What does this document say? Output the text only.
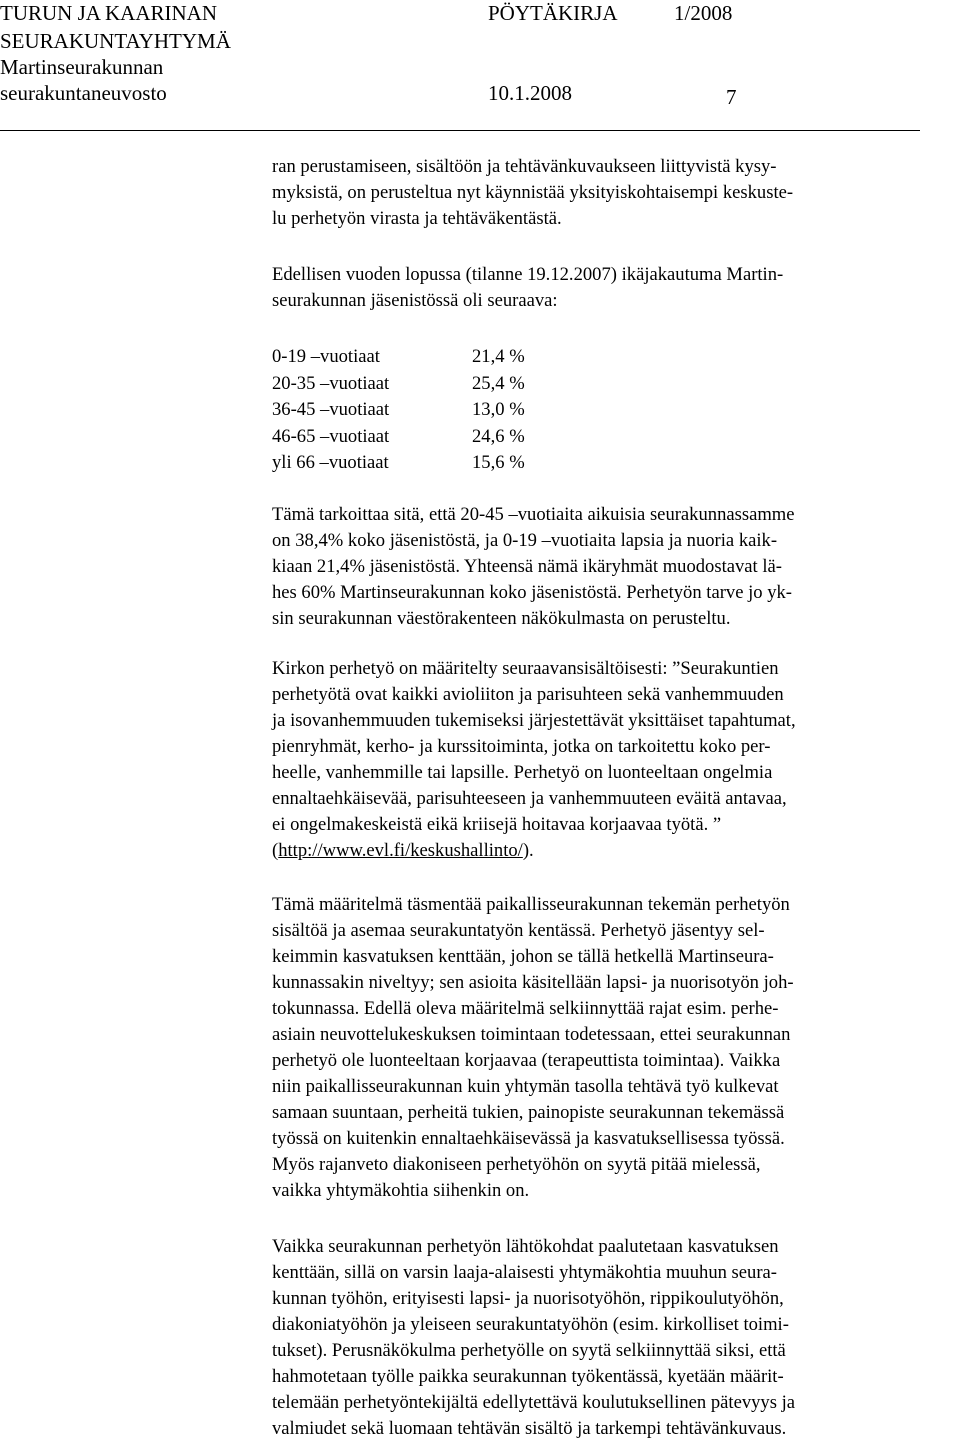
TURUN JA KAARINAN
SEURAKUNTAYHTYMÄ
Martinseurakunnan
seurakuntaneuvosto
PÖYTÄKIRJA	1/2008
10.1.2008	7
ran perustamiseen, sisältöön ja tehtävänkuvaukseen liittyvistä kysy-
myksistä, on perusteltua nyt käynnistää yksityiskohtaisempi keskuste-
lu perhetyön virasta ja tehtäväkentästä.
Edellisen vuoden lopussa (tilanne 19.12.2007) ikäjakautuma Martin-
seurakunnan jäsenistössä oli seuraava:
0-19 –vuotiaat	21,4 %
20-35 –vuotiaat	25,4 %
36-45 –vuotiaat	13,0 %
46-65 –vuotiaat	24,6 %
yli 66 –vuotiaat	15,6 %
Tämä tarkoittaa sitä, että 20-45 –vuotiaita aikuisia seurakunnassamme
on 38,4% koko jäsenistöstä, ja 0-19 –vuotiaita lapsia ja nuoria kaik-
kiaan 21,4% jäsenistöstä. Yhteensä nämä ikäryhmät muodostavat lä-
hes 60% Martinseurakunnan koko jäsenistöstä. Perhetyön tarve jo yk-
sin seurakunnan väestörakenteen näkökulmasta on perusteltu.
Kirkon perhetyö on määritelty seuraavansisältöisesti: ”Seurakuntien
perhetyötä ovat kaikki avioliiton ja parisuhteen sekä vanhemmuuden
ja isovanhemmuuden tukemiseksi järjestettävät yksittäiset tapahtumat,
pienryhmät, kerho- ja kurssitoiminta, jotka on tarkoitettu koko per-
heelle, vanhemmille tai lapsille. Perhetyö on luonteeltaan ongelmia
ennaltaehkäisevää, parisuhteeseen ja vanhemmuuteen eväitä antavaa,
ei ongelmakeskeistä eikä kriisejä hoitavaa korjaavaa työtä. ”
(http://www.evl.fi/keskushallinto/).
Tämä määritelmä täsmentää paikallisseurakunnan tekemän perhetyön
sisältöä ja asemaa seurakuntatyön kentässä. Perhetyö jäsentyy sel-
keimmin kasvatuksen kenttään, johon se tällä hetkellä Martinseura-
kunnassakin niveltyy; sen asioita käsitellään lapsi- ja nuorisotyön joh-
tokunnassa. Edellä oleva määritelmä selkiinnyttää rajat esim. perhe-
asiain neuvottelukeskuksen toimintaan todetessaan, ettei seurakunnan
perhetyö ole luonteeltaan korjaavaa (terapeuttista toimintaa). Vaikka
niin paikallisseurakunnan kuin yhtymän tasolla tehtävä työ kulkevat
samaan suuntaan, perheitä tukien, painopiste seurakunnan tekemässä
työssä on kuitenkin ennaltaehkäisevässä ja kasvatuksellisessa työssä.
Myös rajanveto diakoniseen perhetyöhön on syytä pitää mielessä,
vaikka yhtymäkohtia siihenkin on.
Vaikka seurakunnan perhetyön lähtökohdat paalutetaan kasvatuksen
kenttään, sillä on varsin laaja-alaisesti yhtymäkohtia muuhun seura-
kunnan työhön, erityisesti lapsi- ja nuorisotyöhön, rippikoulutyöhön,
diakoniatyöhön ja yleiseen seurakuntatyöhön (esim. kirkolliset toimi-
tukset). Perusnäkökulma perhetyölle on syytä selkiinnyttää siksi, että
hahmotetaan työlle paikka seurakunnan työkentässä, kyetään määrit-
telemään perhetyöntekijältä edellytettävä koulutuksellinen pätevyys ja
valmiudet sekä luomaan tehtävän sisältö ja tarkempi tehtävänkuvaus.
